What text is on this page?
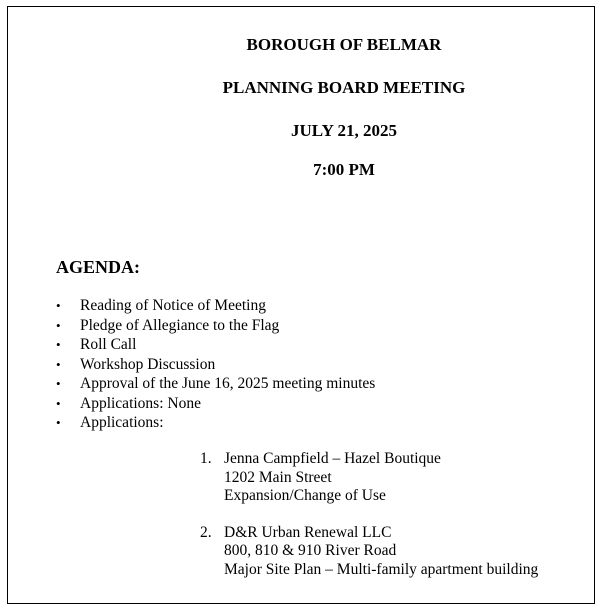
BOROUGH OF BELMAR
PLANNING BOARD MEETING
JULY 21, 2025
7:00 PM
AGENDA:
• Reading of Notice of Meeting
• Pledge of Allegiance to the Flag
• Roll Call
• Workshop Discussion
• Approval of the June 16, 2025 meeting minutes
• Applications: None
• Applications:
1. Jenna Campfield – Hazel Boutique
1202 Main Street
Expansion/Change of Use
2. D&R Urban Renewal LLC
800, 810 & 910 River Road
Major Site Plan – Multi-family apartment building
